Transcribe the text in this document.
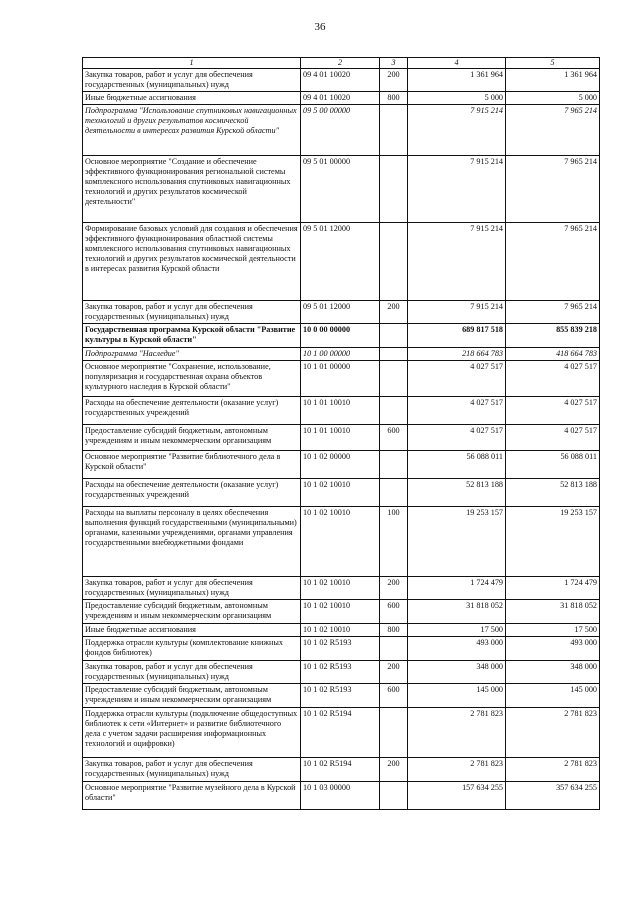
36
1	2	3	4	5
Закупка товаров, работ и услуг для обеспечения государственных (муниципальных) нужд	09 4 01 10020	200	1 361 964	1 361 964
Иные бюджетные ассигнования	09 4 01 10020	800	5 000	5 000
Подпрограмма "Использование спутниковых навигационных технологий и других результатов космической деятельности в интересах развития Курской области"	09 5 00 00000		7 915 214	7 965 214
Основное мероприятие "Создание и обеспечение эффективного функционирования региональной системы комплексного использования спутниковых навигационных технологий и других результатов космической деятельности"	09 5 01 00000		7 915 214	7 965 214
Формирование базовых условий для создания и обеспечения эффективного функционирования областной системы комплексного использования спутниковых навигационных технологий и других результатов космической деятельности в интересах развития Курской области	09 5 01 12000		7 915 214	7 965 214
Закупка товаров, работ и услуг для обеспечения государственных (муниципальных) нужд	09 5 01 12000	200	7 915 214	7 965 214
Государственная программа Курской области "Развитие культуры в Курской области"	10 0 00 00000		689 817 518	855 839 218
Подпрограмма "Наследие"	10 1 00 00000		218 664 783	418 664 783
Основное мероприятие "Сохранение, использование, популяризация и государственная охрана объектов культурного наследия в Курской области"	10 1 01 00000		4 027 517	4 027 517
Расходы на обеспечение деятельности (оказание услуг) государственных учреждений	10 1 01 10010		4 027 517	4 027 517
Предоставление субсидий бюджетным, автономным учреждениям и иным некоммерческим организациям	10 1 01 10010	600	4 027 517	4 027 517
Основное мероприятие "Развитие библиотечного дела в Курской области"	10 1 02 00000		56 088 011	56 088 011
Расходы на обеспечение деятельности (оказание услуг) государственных учреждений	10 1 02 10010		52 813 188	52 813 188
Расходы на выплаты персоналу в целях обеспечения выполнения функций государственными (муниципальными) органами, казенными учреждениями, органами управления государственными внебюджетными фондами	10 1 02 10010	100	19 253 157	19 253 157
Закупка товаров, работ и услуг для обеспечения государственных (муниципальных) нужд	10 1 02 10010	200	1 724 479	1 724 479
Предоставление субсидий бюджетным, автономным учреждениям и иным некоммерческим организациям	10 1 02 10010	600	31 818 052	31 818 052
Иные бюджетные ассигнования	10 1 02 10010	800	17 500	17 500
Поддержка отрасли культуры (комплектование книжных фондов библиотек)	10 1 02 R5193		493 000	493 000
Закупка товаров, работ и услуг для обеспечения государственных (муниципальных) нужд	10 1 02 R5193	200	348 000	348 000
Предоставление субсидий бюджетным, автономным учреждениям и иным некоммерческим организациям	10 1 02 R5193	600	145 000	145 000
Поддержка отрасли культуры (подключение общедоступных библиотек к сети «Интернет» и развитие библиотечного дела с учетом задачи расширения информационных технологий и оцифровки)	10 1 02 R5194		2 781 823	2 781 823
Закупка товаров, работ и услуг для обеспечения государственных (муниципальных) нужд	10 1 02 R5194	200	2 781 823	2 781 823
Основное мероприятие "Развитие музейного дела в Курской области"	10 1 03 00000		157 634 255	357 634 255
